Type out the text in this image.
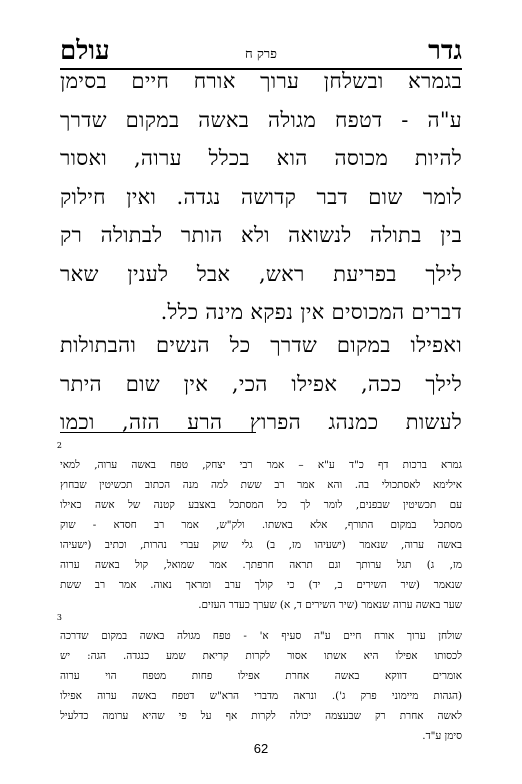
גדר
פרק ח
עולם
בגמרא ובשלחן ערוך אורח חיים בסימן
ע"ה - דטפח מגולה באשה במקום שדרך
להיות מכוסה הוא בכלל ערוה, ואסור
לומר שום דבר קדושה נגדה. ואין חילוק
בין בתולה לנשואה ולא הותר לבתולה רק
לילך בפריעת ראש, אבל לענין שאר
דברים המכוסים אין נפקא מינה כלל.
ואפילו במקום שדרך כל הנשים והבתולות
לילך ככה, אפילו הכי, אין שום היתר
לעשות כמנהג הפרוץ הרע הזה, וכמו
2
גמרא ברכות דף כ"ד ע"א – אמר רבי יצחק, טפח באשה ערוה, למאי
אילימא לאסתכולי בה. והא אמר רב ששת למה מנה הכתוב תכשיטין שבחוץ
עם תכשיטין שבפנים, לומר לך כל המסתכל באצבע קטנה של אשה כאילו
מסתכל במקום התורף, אלא באשתו. ולק"ש, אמר רב חסדא - שוק
באשה ערוה, שנאמר (ישעיהו מז, ב) גלי שוק עברי נהרות, וכתיב (ישעיהו
מז, ג) תגל ערותך וגם תראה חרפתך. אמר שמואל, קול באשה ערוה
שנאמר (שיר השירים ב, יד) כי קולך ערב ומראך נאוה. אמר רב ששת
שער באשה ערוה שנאמר (שיר השירים ד, א) שערך כעדר העזים.
3
שולחן ערוך אורח חיים ע"ה סעיף א' - טפח מגולה באשה במקום שדרכה
לכסותו אפילו היא אשתו אסור לקרות קריאת שמע כנגדה. הגה: יש
אומרים דווקא באשה אחרת אפילו פחות מטפח הוי ערוה
(הגהות מיימוני פרק ג'). ונראה מדברי הרא"ש דטפח באשה ערוה אפילו
לאשה אחרת רק שבעצמה יכולה לקרות אף על פי שהיא ערומה כדלעיל
סימן ע"ד.
62
